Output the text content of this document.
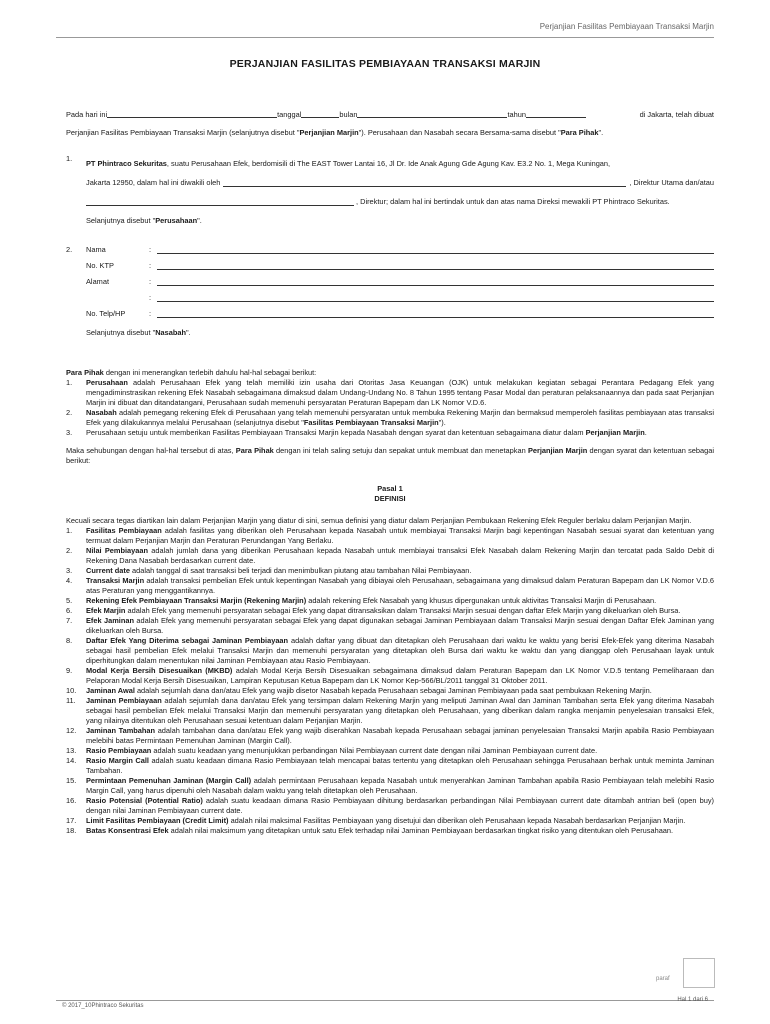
Perjanjian Fasilitas Pembiayaan Transaksi Marjin
PERJANJIAN FASILITAS PEMBIAYAAN TRANSAKSI MARJIN
Pada hari ini	tanggal	bulan	tahun	di Jakarta, telah dibuat
Perjanjian Fasilitas Pembiayaan Transaksi Marjin (selanjutnya disebut "Perjanjian Marjin"). Perusahaan dan Nasabah secara Bersama-sama disebut "Para Pihak".
1.
PT Phintraco Sekuritas, suatu Perusahaan Efek, berdomisili di The EAST Tower Lantai 16, Jl Dr. Ide Anak Agung Gde Agung Kav. E3.2 No. 1, Mega Kuningan,
Jakarta 12950, dalam hal ini diwakili oleh	, Direktur Utama dan/atau
, Direktur; dalam hal ini bertindak untuk dan atas nama Direksi mewakili PT Phintraco Sekuritas.
Selanjutnya disebut "Perusahaan".
2.	Nama	:
No. KTP	:
Alamat	:
:
No. Telp/HP	:
Selanjutnya disebut "Nasabah".
Para Pihak dengan ini menerangkan terlebih dahulu hal-hal sebagai berikut:
1.	Perusahaan adalah Perusahaan Efek yang telah memiliki izin usaha dari Otoritas Jasa Keuangan (OJK) untuk melakukan kegiatan sebagai Perantara Pedagang Efek yang mengadiminstrasikan rekening Efek Nasabah sebagaimana dimaksud dalam Undang-Undang No. 8 Tahun 1995 tentang Pasar Modal dan peraturan pelaksanaannya dan pada saat Perjanjian Marjin ini dibuat dan ditandatangani, Perusahaan sudah memenuhi persyaratan Peraturan Bapepam dan LK Nomor V.D.6.
2.	Nasabah adalah pemegang rekening Efek di Perusahaan yang telah memenuhi persyaratan untuk membuka Rekening Marjin dan bermaksud memperoleh fasilitas pembiayaan atas transaksi Efek yang dilakukannya melalui Perusahaan (selanjutnya disebut "Fasilitas Pembiayaan Transaksi Marjin").
3.	Perusahaan setuju untuk memberikan Fasilitas Pembiayaan Transaksi Marjin kepada Nasabah dengan syarat dan ketentuan sebagaimana diatur dalam Perjanjian Marjin.
Maka sehubungan dengan hal-hal tersebut di atas, Para Pihak dengan ini telah saling setuju dan sepakat untuk membuat dan menetapkan Perjanjian Marjin dengan syarat dan ketentuan sebagai berikut:
Pasal 1
DEFINISI
Kecuali secara tegas diartikan lain dalam Perjanjian Marjin yang diatur di sini, semua definisi yang diatur dalam Perjanjian Pembukaan Rekening Efek Reguler berlaku dalam Perjanjian Marjin.
1.	Fasilitas Pembiayaan adalah fasilitas yang diberikan oleh Perusahaan kepada Nasabah untuk membiayai Transaksi Marjin bagi kepentingan Nasabah sesuai syarat dan ketentuan yang termuat dalam Perjanjian Marjin dan Peraturan Perundangan Yang Berlaku.
2.	Nilai Pembiayaan adalah jumlah dana yang diberikan Perusahaan kepada Nasabah untuk membiayai transaksi Efek Nasabah dalam Rekening Marjin dan tercatat pada Saldo Debit di Rekening Dana Nasabah berdasarkan current date.
3.	Current date adalah tanggal di saat transaksi beli terjadi dan menimbulkan piutang atau tambahan Nilai Pembiayaan.
4.	Transaksi Marjin adalah transaksi pembelian Efek untuk kepentingan Nasabah yang dibiayai oleh Perusahaan, sebagaimana yang dimaksud dalam Peraturan Bapepam dan LK Nomor V.D.6 atas Peraturan yang menggantikannya.
5.	Rekening Efek Pembiayaan Transaksi Marjin (Rekening Marjin) adalah rekening Efek Nasabah yang khusus dipergunakan untuk aktivitas Transaksi Marjin di Perusahaan.
6.	Efek Marjin adalah Efek yang memenuhi persyaratan sebagai Efek yang dapat ditransaksikan dalam Transaksi Marjin sesuai dengan daftar Efek Marjin yang dikeluarkan oleh Bursa.
7.	Efek Jaminan adalah Efek yang memenuhi persyaratan sebagai Efek yang dapat digunakan sebagai Jaminan Pembiayaan dalam Transaksi Marjin sesuai dengan Daftar Efek Jaminan yang dikeluarkan oleh Bursa.
8.	Daftar Efek Yang Diterima sebagai Jaminan Pembiayaan adalah daftar yang dibuat dan ditetapkan oleh Perusahaan dari waktu ke waktu yang berisi Efek-Efek yang diterima Nasabah sebagai hasil pembelian Efek melalui Transaksi Marjin dan memenuhi persyaratan yang ditetapkan oleh Bursa dari waktu ke waktu dan yang dianggap oleh Perusahaan layak untuk diperhitungkan dalam menentukan nilai Jaminan Pembiayaan atau Rasio Pembiayaan.
9.	Modal Kerja Bersih Disesuaikan (MKBD) adalah Modal Kerja Bersih Disesuaikan sebagaimana dimaksud dalam Peraturan Bapepam dan LK Nomor V.D.5 tentang Pemeliharaan dan Pelaporan Modal Kerja Bersih Disesuaikan, Lampiran Keputusan Ketua Bapepam dan LK Nomor Kep-566/BL/2011 tanggal 31 Oktober 2011.
10.	Jaminan Awal adalah sejumlah dana dan/atau Efek yang wajib disetor Nasabah kepada Perusahaan sebagai Jaminan Pembiayaan pada saat pembukaan Rekening Marjin.
11.	Jaminan Pembiayaan adalah sejumlah dana dan/atau Efek yang tersimpan dalam Rekening Marjin yang meliputi Jaminan Awal dan Jaminan Tambahan serta Efek yang diterima Nasabah sebagai hasil pembelian Efek melalui Transaksi Marjin dan memenuhi persyaratan yang ditetapkan oleh Perusahaan, yang diberikan dalam rangka menjamin penyelesaian transaksi Efek, yang nilainya ditentukan oleh Perusahaan sesuai ketentuan dalam Perjanjian Marjin.
12.	Jaminan Tambahan adalah tambahan dana dan/atau Efek yang wajib diserahkan Nasabah kepada Perusahaan sebagai jaminan penyelesaian Transaksi Marjin apabila Rasio Pembiayaan melebihi batas Permintaan Pemenuhan Jaminan (Margin Call).
13.	Rasio Pembiayaan adalah suatu keadaan yang menunjukkan perbandingan Nilai Pembiayaan current date dengan nilai Jaminan Pembiayaan current date.
14.	Rasio Margin Call adalah suatu keadaan dimana Rasio Pembiayaan telah mencapai batas tertentu yang ditetapkan oleh Perusahaan sehingga Perusahaan berhak untuk meminta Jaminan Tambahan.
15.	Permintaan Pemenuhan Jaminan (Margin Call) adalah permintaan Perusahaan kepada Nasabah untuk menyerahkan Jaminan Tambahan apabila Rasio Pembiayaan telah melebihi Rasio Margin Call, yang harus dipenuhi oleh Nasabah dalam waktu yang telah ditetapkan oleh Perusahaan.
16.	Rasio Potensial (Potential Ratio) adalah suatu keadaan dimana Rasio Pembiayaan dihitung berdasarkan perbandingan Nilai Pembiayaan current date ditambah antrian beli (open buy) dengan nilai Jaminan Pembiayaan current date.
17.	Limit Fasilitas Pembiayaan (Credit Limit) adalah nilai maksimal Fasilitas Pembiayaan yang disetujui dan diberikan oleh Perusahaan kepada Nasabah berdasarkan Perjanjian Marjin.
18.	Batas Konsentrasi Efek adalah nilai maksimum yang ditetapkan untuk satu Efek terhadap nilai Jaminan Pembiayaan berdasarkan tingkat risiko yang ditentukan oleh Perusahaan.
paraf
© 2017_10Phintraco Sekuritas
Hal 1 dari 6
